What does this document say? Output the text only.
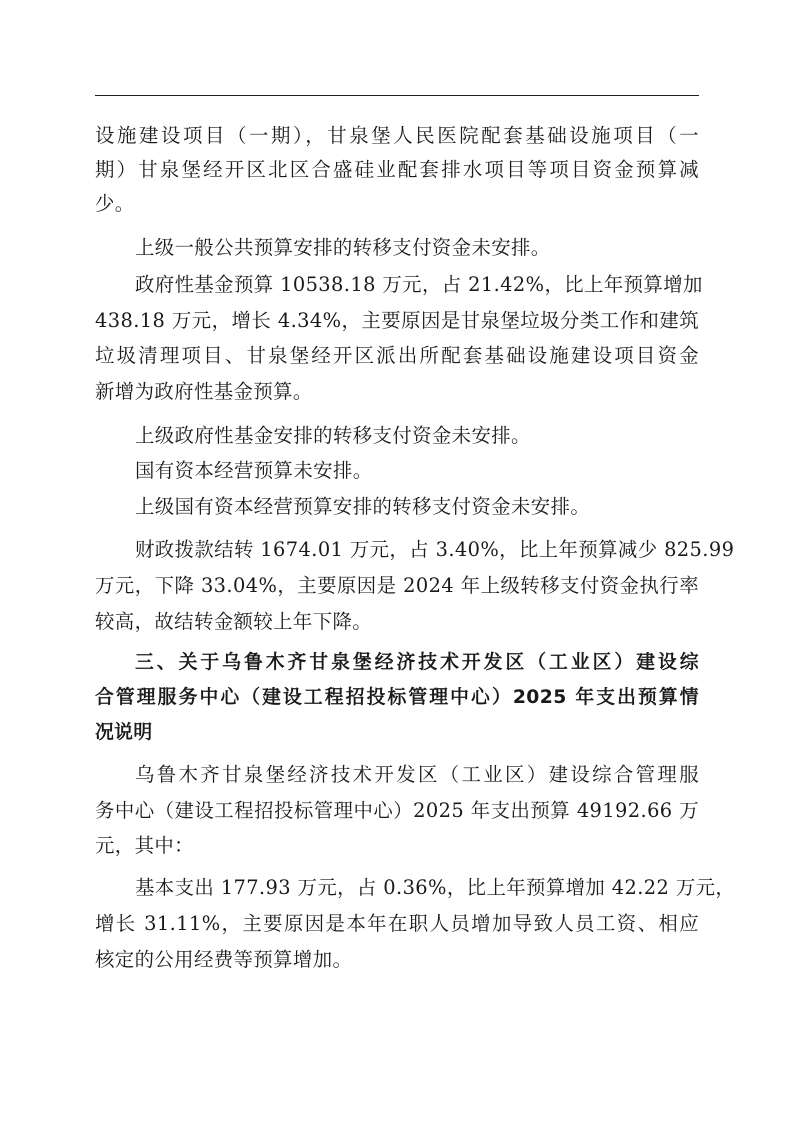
设施建设项目（一期），甘泉堡人民医院配套基础设施项目（一
期）甘泉堡经开区北区合盛硅业配套排水项目等项目资金预算减
少。
上级一般公共预算安排的转移支付资金未安排。
政府性基金预算 10538.18 万元，占 21.42%，比上年预算增加
438.18 万元，增长 4.34%，主要原因是甘泉堡垃圾分类工作和建筑
垃圾清理项目、甘泉堡经开区派出所配套基础设施建设项目资金
新增为政府性基金预算。
上级政府性基金安排的转移支付资金未安排。
国有资本经营预算未安排。
上级国有资本经营预算安排的转移支付资金未安排。
财政拨款结转 1674.01 万元，占 3.40%，比上年预算减少 825.99
万元，下降 33.04%，主要原因是 2024 年上级转移支付资金执行率
较高，故结转金额较上年下降。
三、关于乌鲁木齐甘泉堡经济技术开发区（工业区）建设综
合管理服务中心（建设工程招投标管理中心）2025 年支出预算情
况说明
乌鲁木齐甘泉堡经济技术开发区（工业区）建设综合管理服
务中心（建设工程招投标管理中心）2025 年支出预算 49192.66 万
元，其中：
基本支出 177.93 万元，占 0.36%，比上年预算增加 42.22 万元，
增长 31.11%，主要原因是本年在职人员增加导致人员工资、相应
核定的公用经费等预算增加。
